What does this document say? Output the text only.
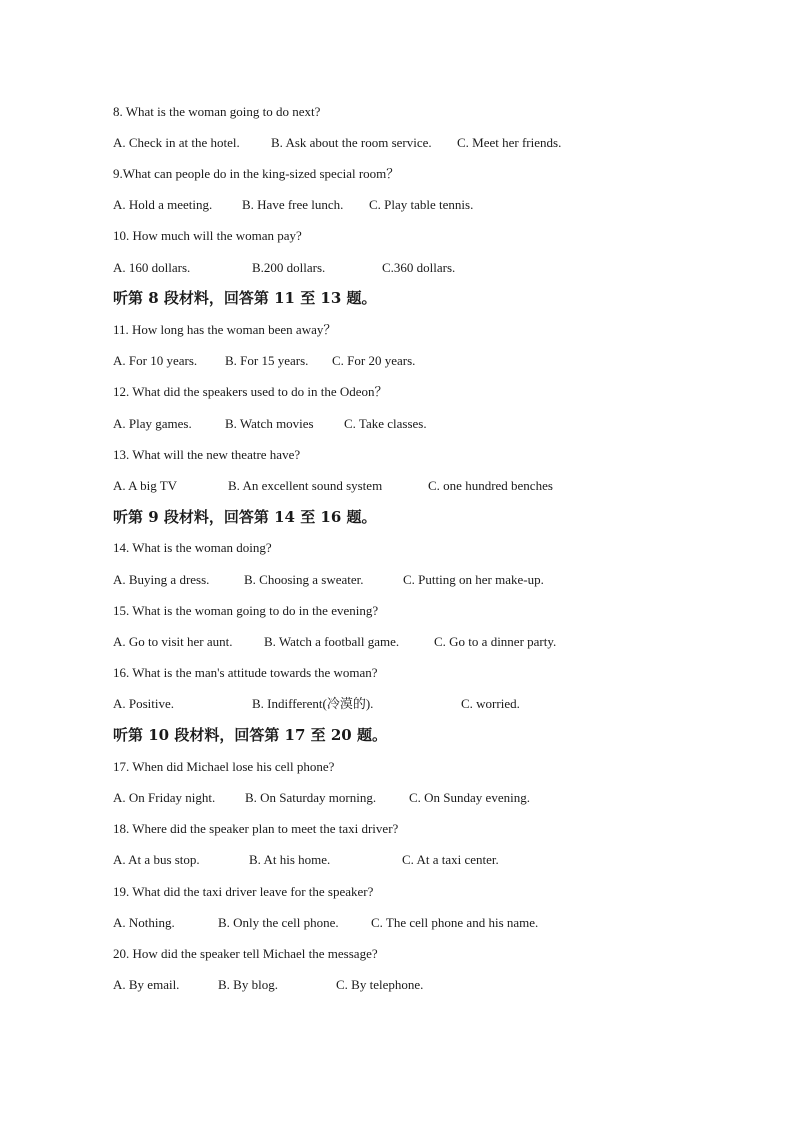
8. What is the woman going to do next?
A. Check in at the hotel. B. Ask about the room service. C. Meet her friends.
9.What can people do in the king-sized special room？
A. Hold a meeting. B. Have free lunch. C. Play table tennis.
10. How much will the woman pay?
A. 160 dollars.	B.200 dollars.	C.360 dollars.
听第 8 段材料，回答第 11 至 13 题。
11. How long has the woman been away？
A. For 10 years. B. For 15 years. C. For 20 years.
12. What did the speakers used to do in the Odeon？
A. Play games.	B. Watch movies C. Take classes.
13. What will the new theatre have?
A. A big TV	B. An excellent sound system	C. one hundred benches
听第 9 段材料，回答第 14 至 16 题。
14. What is the woman doing?
A. Buying a dress.	B. Choosing a sweater.	C. Putting on her make-up.
15. What is the woman going to do in the evening?
A. Go to visit her aunt. B. Watch a football game.	C. Go to a dinner party.
16. What is the man's attitude towards the woman?
A. Positive.	B. Indifferent(冷漠的).	C. worried.
听第 10 段材料，回答第 17 至 20 题。
17. When did Michael lose his cell phone?
A. On Friday night. B. On Saturday morning.	C. On Sunday evening.
18. Where did the speaker plan to meet the taxi driver?
A. At a bus stop.	B. At his home.	C. At a taxi center.
19. What did the taxi driver leave for the speaker?
A. Nothing.	B. Only the cell phone. C. The cell phone and his name.
20. How did the speaker tell Michael the message?
A. By email.	B. By blog.	C. By telephone.
